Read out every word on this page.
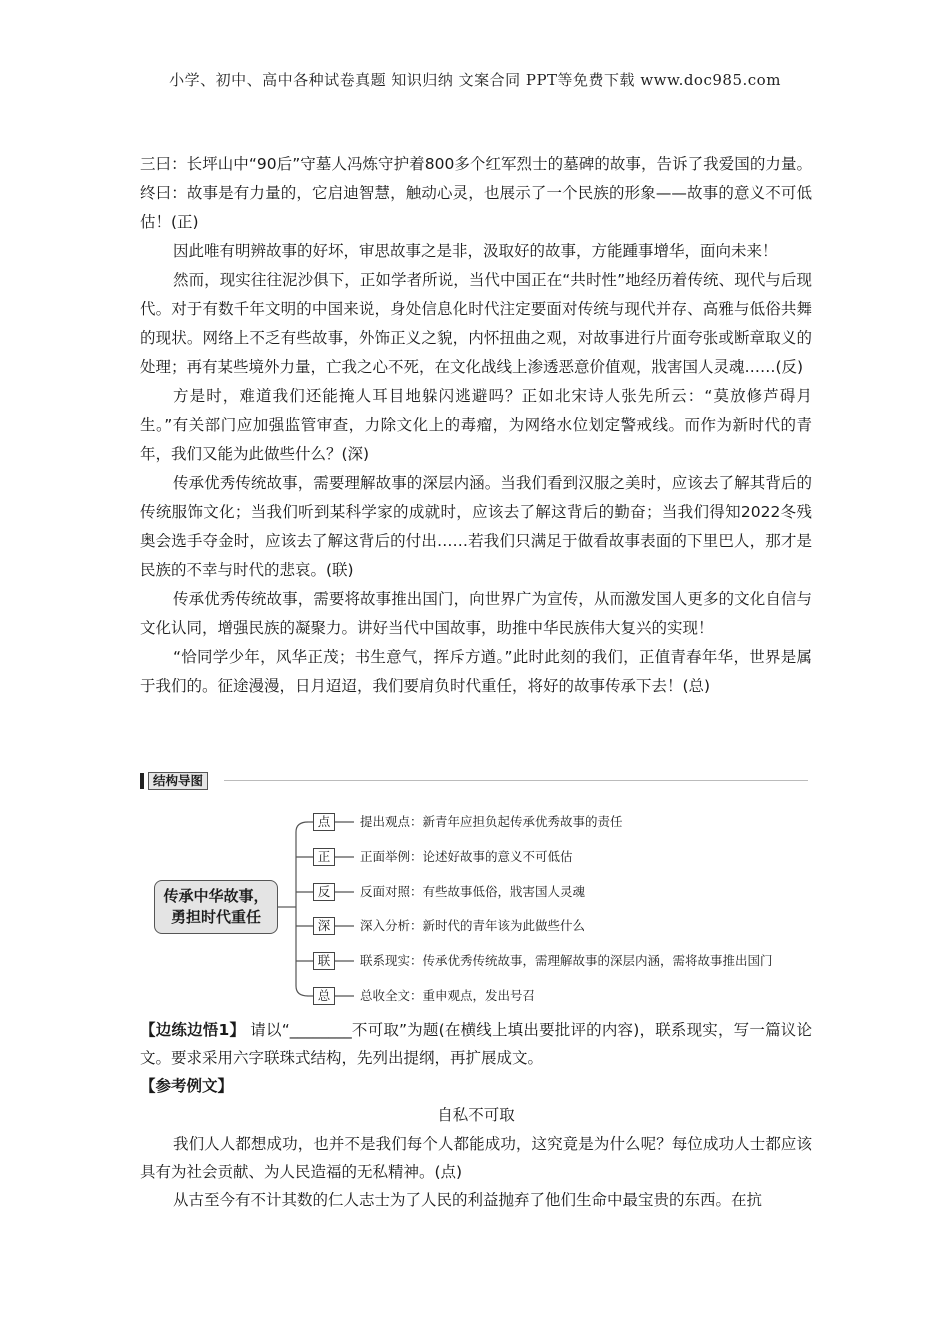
小学、初中、高中各种试卷真题 知识归纳 文案合同 PPT等免费下载 www.doc985.com

三曰：长坪山中“90后”守墓人冯炼守护着800多个红军烈士的墓碑的故事，告诉了我爱国的力量。终曰：故事是有力量的，它启迪智慧，触动心灵，也展示了一个民族的形象——故事的意义不可低估！(正)

因此唯有明辨故事的好坏，审思故事之是非，汲取好的故事，方能踵事增华，面向未来！

然而，现实往往泥沙俱下，正如学者所说，当代中国正在“共时性”地经历着传统、现代与后现代。对于有数千年文明的中国来说，身处信息化时代注定要面对传统与现代并存、高雅与低俗共舞的现状。网络上不乏有些故事，外饰正义之貌，内怀扭曲之观，对故事进行片面夸张或断章取义的处理；再有某些境外力量，亡我之心不死，在文化战线上渗透恶意价值观，戕害国人灵魂……(反)

方是时，难道我们还能掩人耳目地躲闪逃避吗？正如北宋诗人张先所云：“莫放修芦碍月生。”有关部门应加强监管审查，力除文化上的毒瘤，为网络水位划定警戒线。而作为新时代的青年，我们又能为此做些什么？(深)

传承优秀传统故事，需要理解故事的深层内涵。当我们看到汉服之美时，应该去了解其背后的传统服饰文化；当我们听到某科学家的成就时，应该去了解这背后的勤奋；当我们得知2022冬残奥会选手夺金时，应该去了解这背后的付出……若我们只满足于做看故事表面的下里巴人，那才是民族的不幸与时代的悲哀。(联)

传承优秀传统故事，需要将故事推出国门，向世界广为宣传，从而激发国人更多的文化自信与文化认同，增强民族的凝聚力。讲好当代中国故事，助推中华民族伟大复兴的实现！

“恰同学少年，风华正茂；书生意气，挥斥方遒。”此时此刻的我们，正值青春年华，世界是属于我们的。征途漫漫，日月迢迢，我们要肩负时代重任，将好的故事传承下去！(总)

结构导图
传承中华故事，
勇担时代重任
点	提出观点：新青年应担负起传承优秀故事的责任
正	正面举例：论述好故事的意义不可低估
反	反面对照：有些故事低俗，戕害国人灵魂
深	深入分析：新时代的青年该为此做些什么
联	联系现实：传承优秀传统故事，需理解故事的深层内涵，需将故事推出国门
总	总收全文：重申观点，发出号召

【边练边悟1】 请以“________不可取”为题(在横线上填出要批评的内容)，联系现实，写一篇议论文。要求采用六字联珠式结构，先列出提纲，再扩展成文。

【参考例文】

自私不可取

我们人人都想成功，也并不是我们每个人都能成功，这究竟是为什么呢？每位成功人士都应该具有为社会贡献、为人民造福的无私精神。(点)

从古至今有不计其数的仁人志士为了人民的利益抛弃了他们生命中最宝贵的东西。在抗
